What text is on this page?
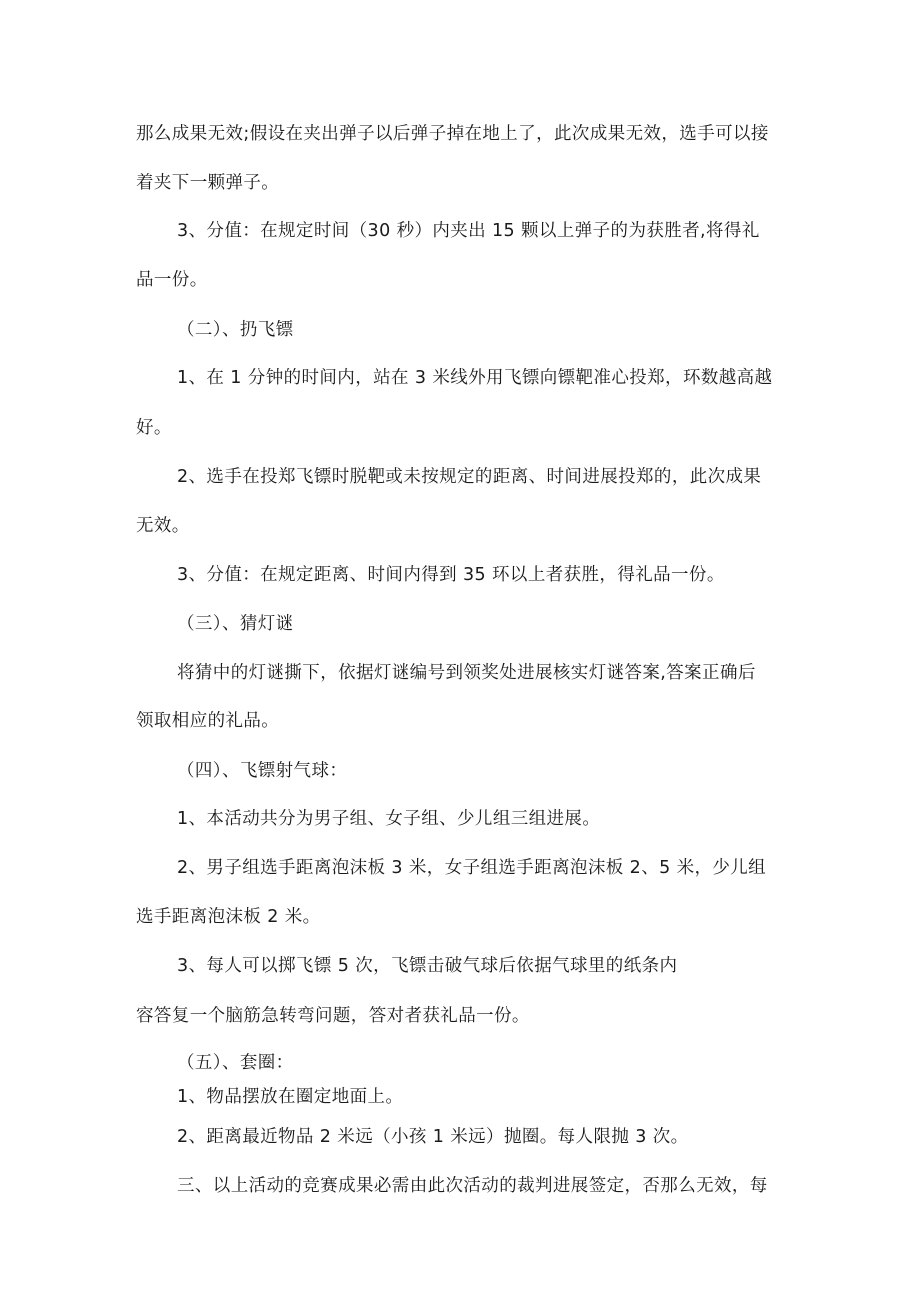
那么成果无效;假设在夹出弹子以后弹子掉在地上了，此次成果无效，选手可以接
着夹下一颗弹子。
3、分值：在规定时间（30 秒）内夹出 15 颗以上弹子的为获胜者,将得礼
品一份。
（二）、扔飞镖
1、在 1 分钟的时间内，站在 3 米线外用飞镖向镖靶准心投郑，环数越高越
好。
2、选手在投郑飞镖时脱靶或未按规定的距离、时间进展投郑的，此次成果
无效。
3、分值：在规定距离、时间内得到 35 环以上者获胜，得礼品一份。
（三）、猜灯谜
将猜中的灯谜撕下，依据灯谜编号到领奖处进展核实灯谜答案,答案正确后
领取相应的礼品。
（四）、飞镖射气球：
1、本活动共分为男子组、女子组、少儿组三组进展。
2、男子组选手距离泡沫板 3 米，女子组选手距离泡沫板 2、5 米，少儿组
选手距离泡沫板 2 米。
3、每人可以掷飞镖 5 次，飞镖击破气球后依据气球里的纸条内
容答复一个脑筋急转弯问题，答对者获礼品一份。
（五）、套圈：
1、物品摆放在圈定地面上。
2、距离最近物品 2 米远（小孩 1 米远）抛圈。每人限抛 3 次。
三、以上活动的竞赛成果必需由此次活动的裁判进展签定，否那么无效，每
